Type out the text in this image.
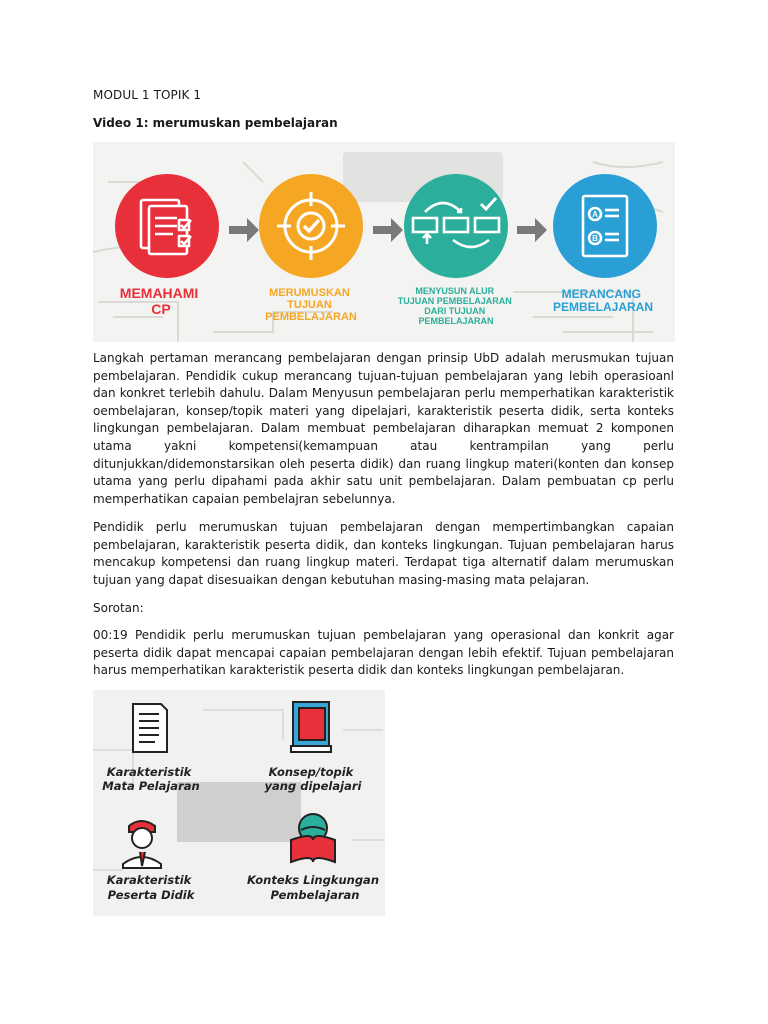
MODUL 1 TOPIK 1
Video 1: merumuskan pembelajaran
A
B
MEMAHAMI CP
MERUMUSKAN TUJUAN PEMBELAJARAN
MENYUSUN ALUR TUJUAN PEMBELAJARAN DARI TUJUAN PEMBELAJARAN
MERANCANG PEMBELAJARAN

Langkah pertaman merancang pembelajaran dengan prinsip UbD adalah merusmukan tujuan pembelajaran. Pendidik cukup merancang tujuan-tujuan pembelajaran yang lebih operasioanl dan konkret terlebih dahulu. Dalam Menyusun pembelajaran perlu memperhatikan karakteristik oembelajaran, konsep/topik materi yang dipelajari, karakteristik peserta didik, serta konteks lingkungan pembelajaran. Dalam membuat pembelajaran diharapkan memuat 2 komponen utama yakni kompetensi(kemampuan atau kentrampilan yang perlu ditunjukkan/didemonstarsikan oleh peserta didik) dan ruang lingkup materi(konten dan konsep utama yang perlu dipahami pada akhir satu unit pembelajaran. Dalam pembuatan cp perlu memperhatikan capaian pembelajran sebelunnya.

Pendidik perlu merumuskan tujuan pembelajaran dengan mempertimbangkan capaian pembelajaran, karakteristik peserta didik, dan konteks lingkungan. Tujuan pembelajaran harus mencakup kompetensi dan ruang lingkup materi. Terdapat tiga alternatif dalam merumuskan tujuan yang dapat disesuaikan dengan kebutuhan masing-masing mata pelajaran.

Sorotan:

00:19 Pendidik perlu merumuskan tujuan pembelajaran yang operasional dan konkrit agar peserta didik dapat mencapai capaian pembelajaran dengan lebih efektif. Tujuan pembelajaran harus memperhatikan karakteristik peserta didik dan konteks lingkungan pembelajaran.

Karakteristik Mata Pelajaran
Konsep/topik yang dipelajari
Karakteristik Peserta Didik
Konteks Lingkungan Pembelajaran
